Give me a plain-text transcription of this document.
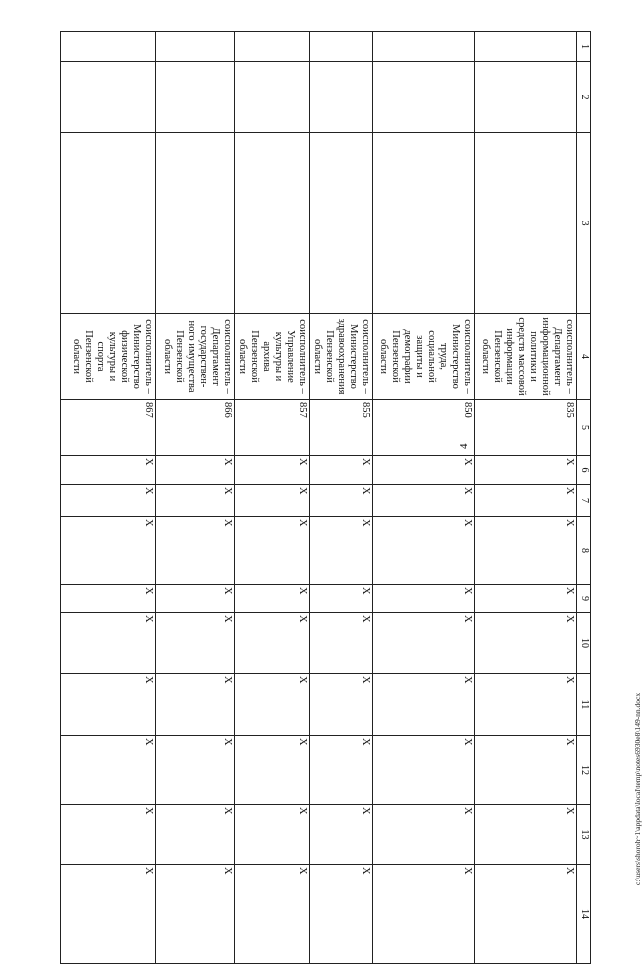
4
1	2	3	4	5	6	7	8	9	10	11	12	13	14
			соисполнитель – Департамент информационной политики и средств массовой информации Пензенской области	835	Х	Х	Х	Х	Х	Х	Х	Х	Х
			соисполнитель – Министерство труда, социальной защиты и демографии Пензенской области	850	Х	Х	Х	Х	Х	Х	Х	Х	Х
			соисполнитель – Министерство здравоохранения Пензенской области	855	Х	Х	Х	Х	Х	Х	Х	Х	Х
			соисполнитель – Управление культуры и архива Пензенской области	857	Х	Х	Х	Х	Х	Х	Х	Х	Х
			соисполнитель – Департамент государствен-ного имущества Пензенской области	866	Х	Х	Х	Х	Х	Х	Х	Х	Х
			соисполнитель – Министерство физической культуры и спорта Пензенской области	867	Х	Х	Х	Х	Х	Х	Х	Х	Х	c:\users\shoroh~1\appdata\local\temp\notes6930e8\149-nn.docx
